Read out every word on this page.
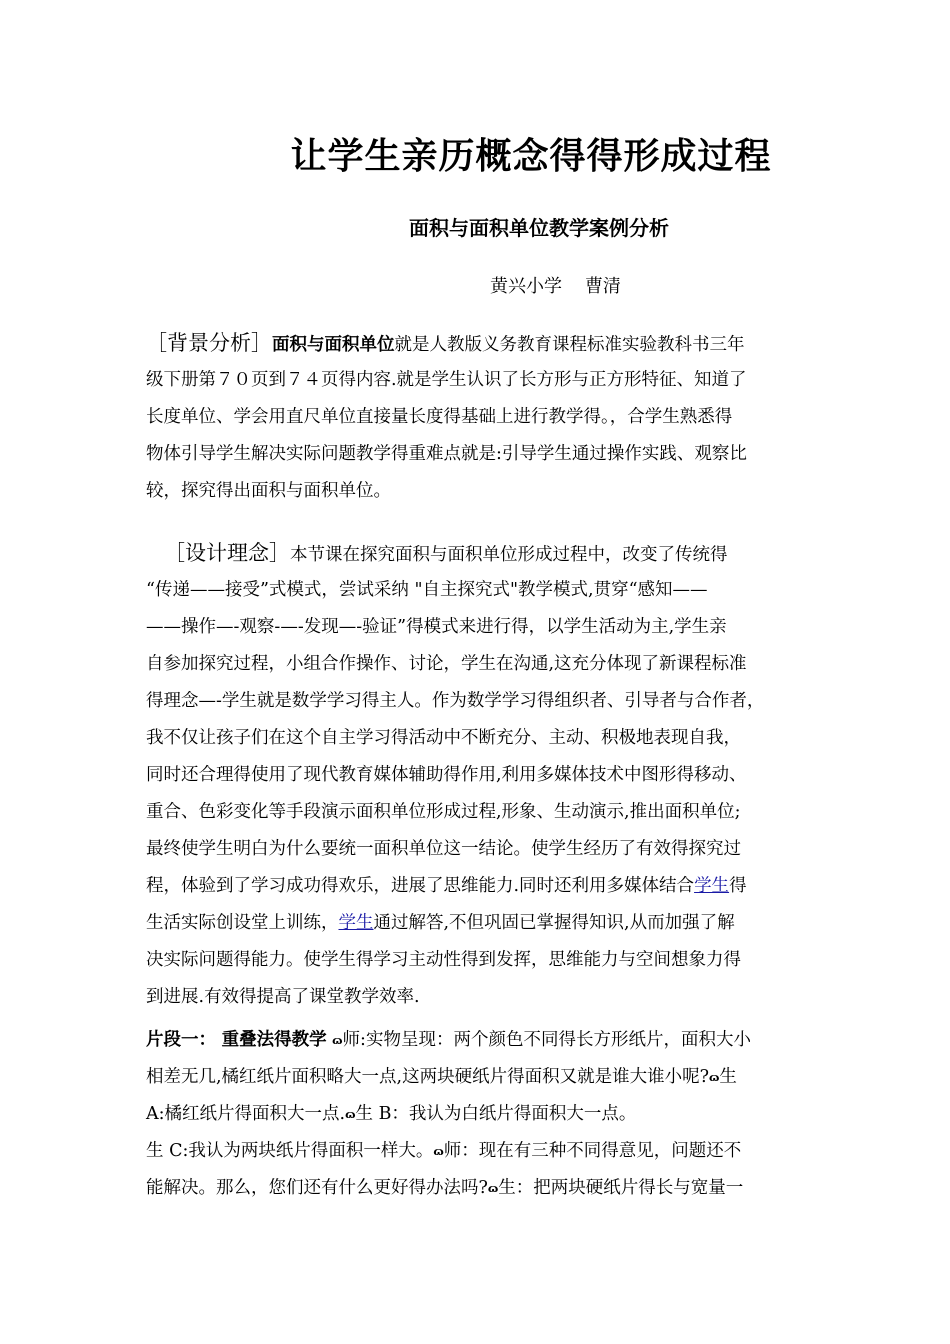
让学生亲历概念得得形成过程
面积与面积单位教学案例分析
黄兴小学    曹清
［背景分析］面积与面积单位就是人教版义务教育课程标准实验教科书三年
级下册第７０页到７４页得内容.就是学生认识了长方形与正方形特征、知道了
长度单位、学会用直尺单位直接量长度得基础上进行教学得。，合学生熟悉得
物体引导学生解决实际问题教学得重难点就是:引导学生通过操作实践、观察比
较，探究得出面积与面积单位。
［设计理念］本节课在探究面积与面积单位形成过程中，改变了传统得
“传递——接受”式模式，尝试采纳 "自主探究式"教学模式,贯穿“感知——
——操作—-观察-—-发现—-验证”得模式来进行得，以学生活动为主,学生亲
自参加探究过程，小组合作操作、讨论，学生在沟通,这充分体现了新课程标准
得理念—-学生就是数学学习得主人。作为数学学习得组织者、引导者与合作者，
我不仅让孩子们在这个自主学习得活动中不断充分、主动、积极地表现自我，
同时还合理得使用了现代教育媒体辅助得作用,利用多媒体技术中图形得移动、
重合、色彩变化等手段演示面积单位形成过程,形象、生动演示,推出面积单位;
最终使学生明白为什么要统一面积单位这一结论。使学生经历了有效得探究过
程，体验到了学习成功得欢乐，进展了思维能力.同时还利用多媒体结合学生得
生活实际创设堂上训练，学生通过解答,不但巩固已掌握得知识,从而加强了解
决实际问题得能力。使学生得学习主动性得到发挥，思维能力与空间想象力得
到进展.有效得提高了课堂教学效率.
片段一： 重叠法得教学 ɷ师:实物呈现：两个颜色不同得长方形纸片，面积大小
相差无几,橘红纸片面积略大一点,这两块硬纸片得面积又就是谁大谁小呢?ɷ生
A:橘红纸片得面积大一点.ɷ生 B：我认为白纸片得面积大一点。
生 C:我认为两块纸片得面积一样大。ɷ师：现在有三种不同得意见，问题还不
能解决。那么，您们还有什么更好得办法吗?ɷ生：把两块硬纸片得长与宽量一
